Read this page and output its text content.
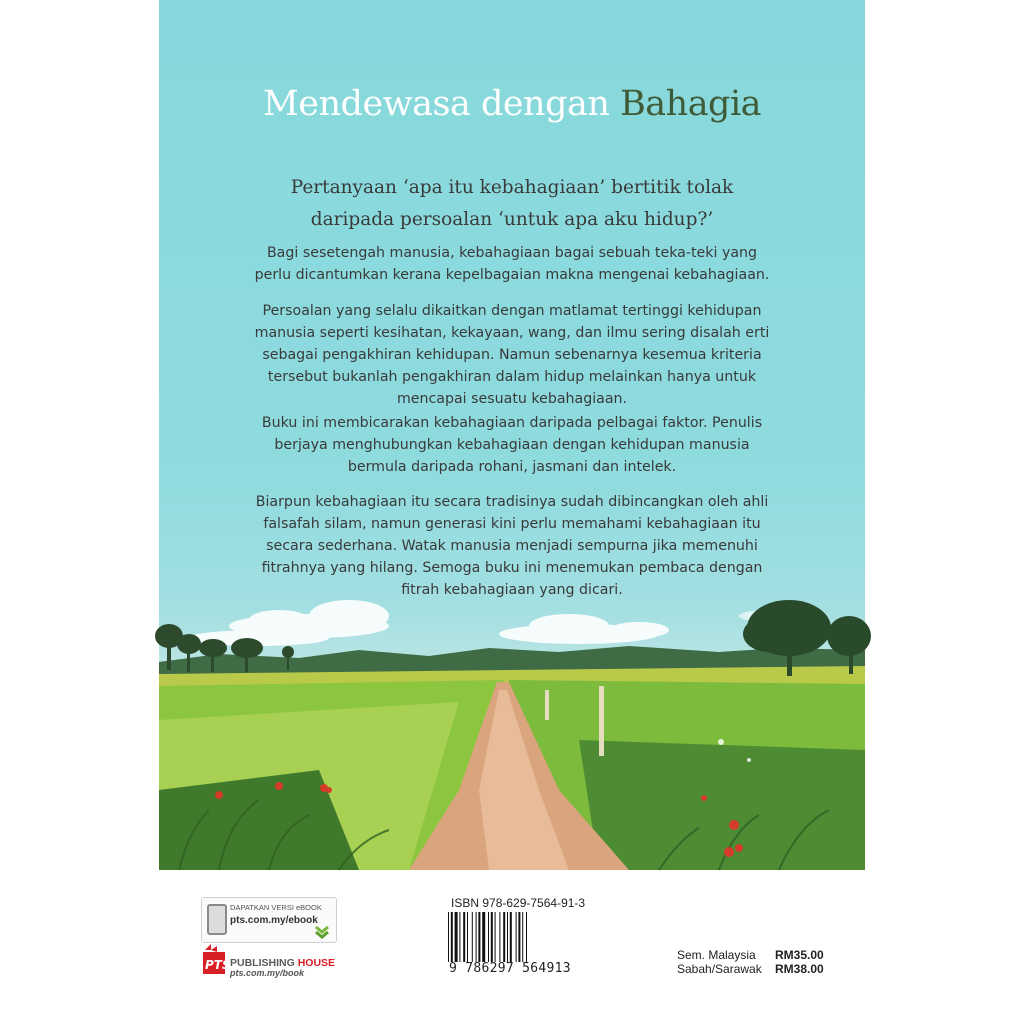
Mendewasa dengan Bahagia
Pertanyaan ‘apa itu kebahagiaan’ bertitik tolak
daripada persoalan ‘untuk apa aku hidup?’
Bagi sesetengah manusia, kebahagiaan bagai sebuah teka-teki yang
perlu dicantumkan kerana kepelbagaian makna mengenai kebahagiaan.
Persoalan yang selalu dikaitkan dengan matlamat tertinggi kehidupan
manusia seperti kesihatan, kekayaan, wang, dan ilmu sering disalah erti
sebagai pengakhiran kehidupan. Namun sebenarnya kesemua kriteria
tersebut bukanlah pengakhiran dalam hidup melainkan hanya untuk
mencapai sesuatu kebahagiaan.
Buku ini membicarakan kebahagiaan daripada pelbagai faktor. Penulis
berjaya menghubungkan kebahagiaan dengan kehidupan manusia
bermula daripada rohani, jasmani dan intelek.
Biarpun kebahagiaan itu secara tradisinya sudah dibincangkan oleh ahli
falsafah silam, namun generasi kini perlu memahami kebahagiaan itu
secara sederhana. Watak manusia menjadi sempurna jika memenuhi
fitrahnya yang hilang. Semoga buku ini menemukan pembaca dengan
fitrah kebahagiaan yang dicari.
DAPATKAN VERSI eBOOK
pts.com.my/ebook
PTS PUBLISHING HOUSE
pts.com.my/book
ISBN 978-629-7564-91-3
9 786297 564913
Sem. Malaysia RM35.00
Sabah/Sarawak RM38.00
